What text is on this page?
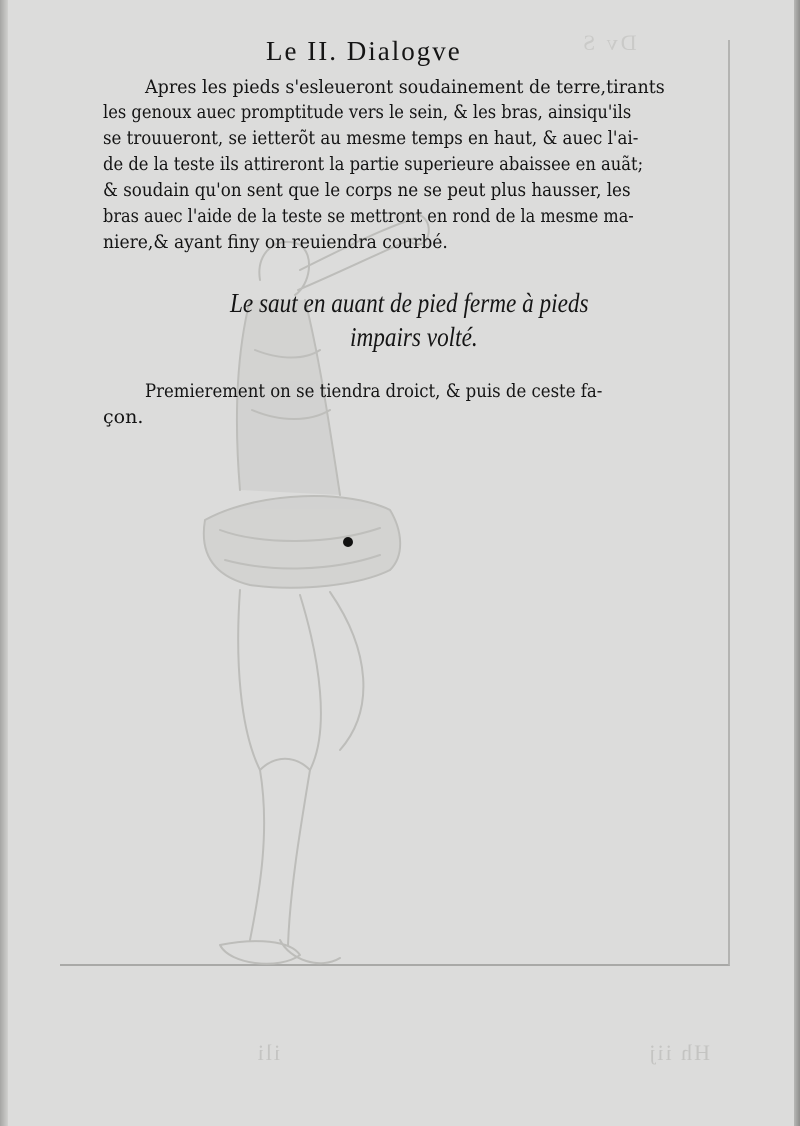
Dv S
ili
Le II. Dialogve
Apres les pieds s'esleueront soudainement de terre,tirants
les genoux auec promptitude vers le sein, & les bras, ainsiqu'ils
se trouueront, se ietterõt au mesme temps en haut, & auec l'ai-
de de la teste ils attireront la partie superieure abaissee en auãt;
& soudain qu'on sent que le corps ne se peut plus hausser, les
bras auec l'aide de la teste se mettront en rond de la mesme ma-
niere,& ayant finy on reuiendra courbé.
Le saut en auant de pied ferme à pieds
impairs volté.
Premierement on se tiendra droict, & puis de ceste fa-
çon.
Hh iij
